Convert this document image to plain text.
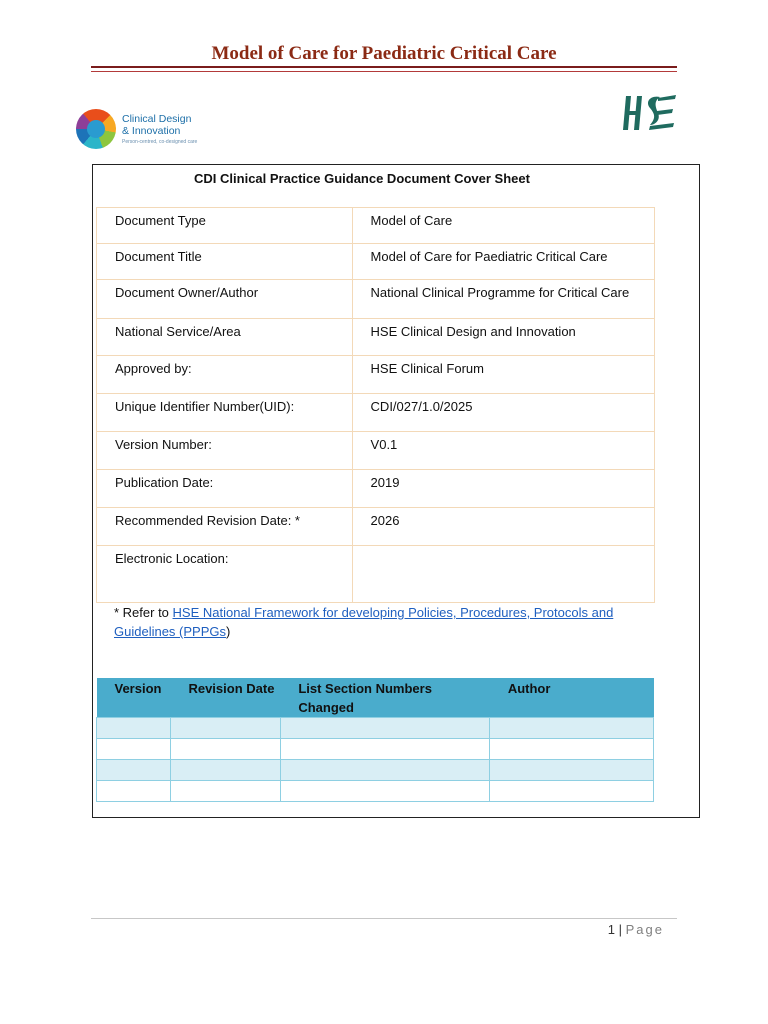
Model of Care for Paediatric Critical Care
Clinical Design
& Innovation
Person-centred, co-designed care
CDI Clinical Practice Guidance Document Cover Sheet
Document Type	Model of Care
Document Title	Model of Care for Paediatric Critical Care
Document Owner/Author	National Clinical Programme for Critical Care
National Service/Area	HSE Clinical Design and Innovation
Approved by:	HSE Clinical Forum
Unique Identifier Number(UID):	CDI/027/1.0/2025
Version Number:	V0.1
Publication Date:	2019
Recommended Revision Date: *	2026
Electronic Location:	
* Refer to HSE National Framework for developing Policies, Procedures, Protocols and Guidelines (PPPGs)
Version	Revision Date	List Section Numbers Changed	Author

1 | Page
